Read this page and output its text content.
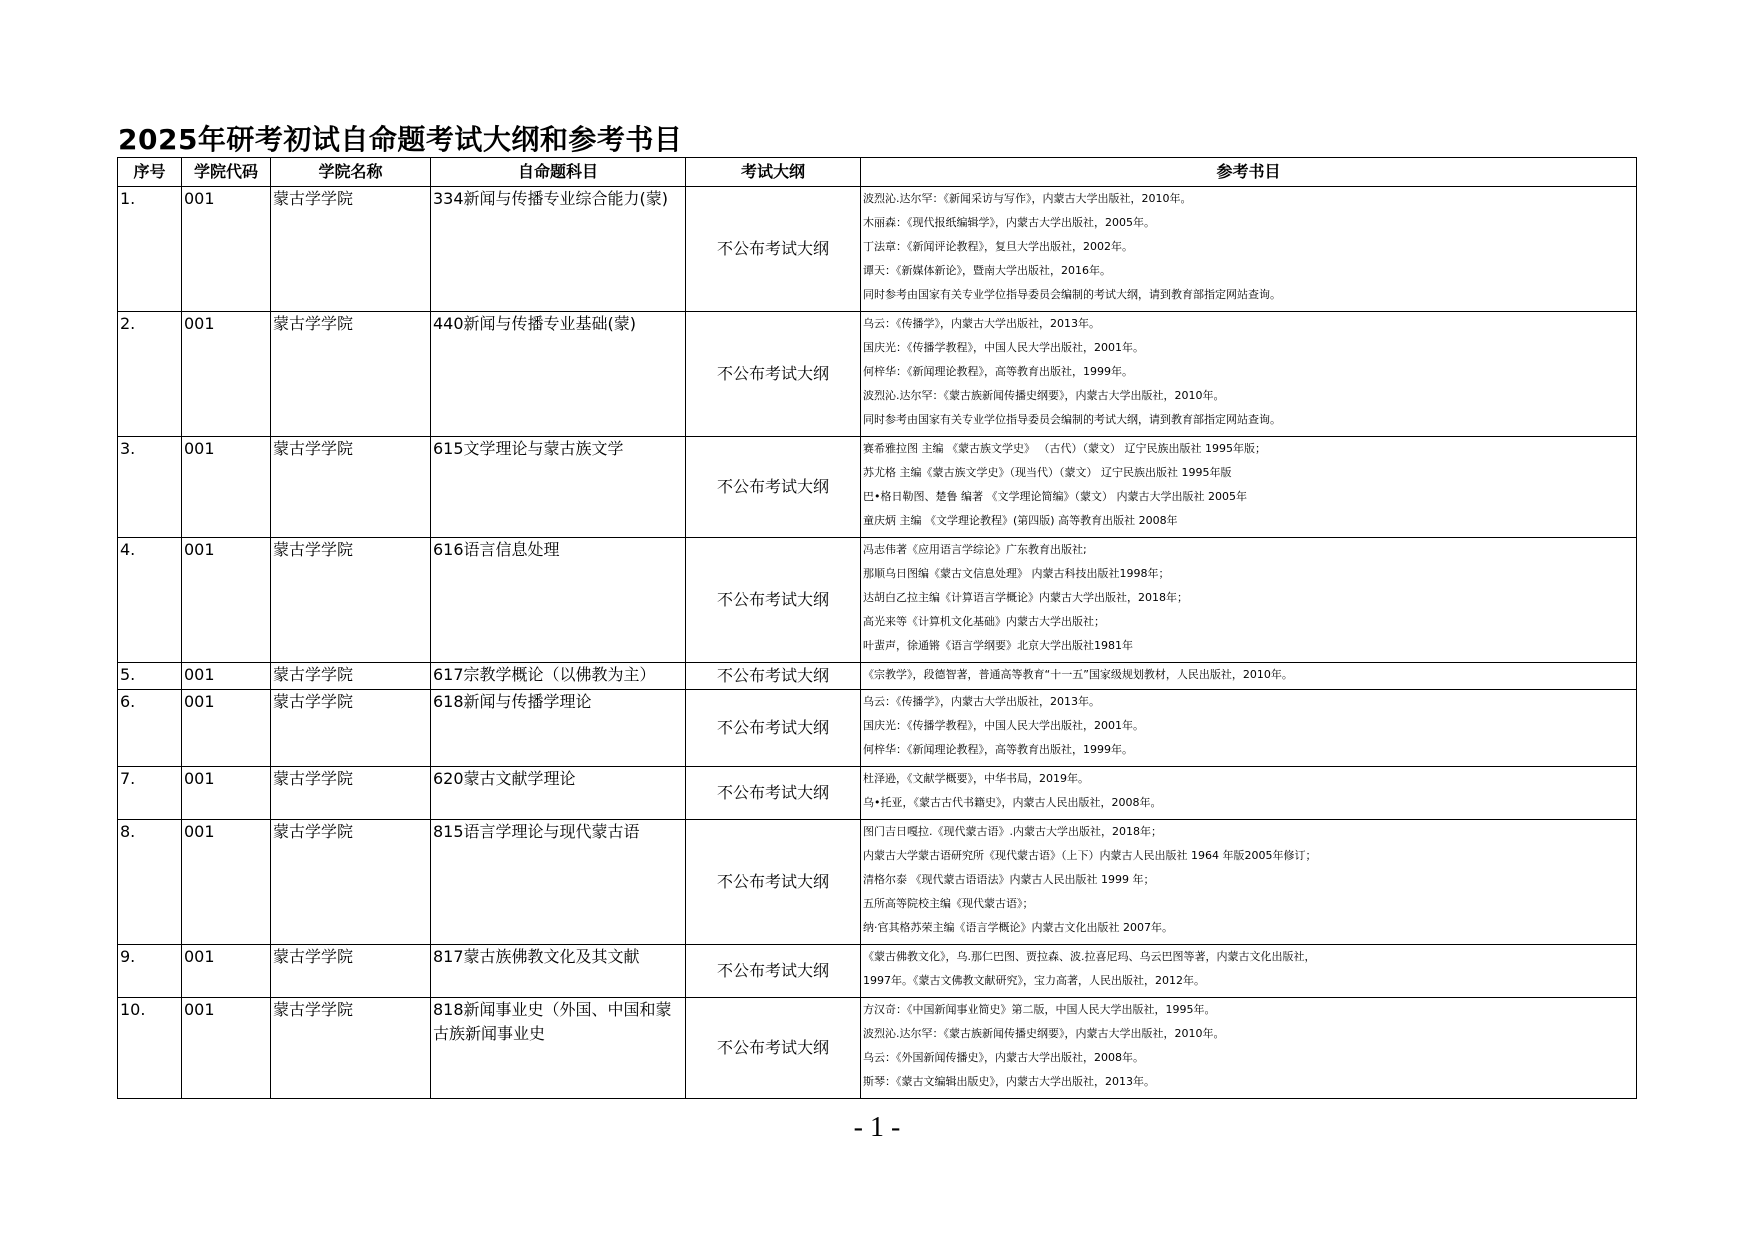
2025年研考初试自命题考试大纲和参考书目
序号	学院代码	学院名称	自命题科目	考试大纲	参考书目
1.	001	蒙古学学院	334新闻与传播专业综合能力(蒙)	不公布考试大纲	波烈沁.达尔罕：《新闻采访与写作》，内蒙古大学出版社，2010年。
木丽森：《现代报纸编辑学》，内蒙古大学出版社，2005年。
丁法章：《新闻评论教程》，复旦大学出版社，2002年。
谭天：《新媒体新论》，暨南大学出版社，2016年。
同时参考由国家有关专业学位指导委员会编制的考试大纲，请到教育部指定网站查询。

2.	001	蒙古学学院	440新闻与传播专业基础(蒙)	不公布考试大纲	乌云：《传播学》，内蒙古大学出版社，2013年。
国庆光：《传播学教程》，中国人民大学出版社，2001年。
何梓华：《新闻理论教程》，高等教育出版社，1999年。
波烈沁.达尔罕：《蒙古族新闻传播史纲要》，内蒙古大学出版社，2010年。
同时参考由国家有关专业学位指导委员会编制的考试大纲，请到教育部指定网站查询。

3.	001	蒙古学学院	615文学理论与蒙古族文学	不公布考试大纲	赛希雅拉图 主编 《蒙古族文学史》 （古代）（蒙文） 辽宁民族出版社 1995年版；
苏尤格 主编《蒙古族文学史》（现当代）（蒙文） 辽宁民族出版社 1995年版
巴•格日勒图、楚鲁 编著 《文学理论简编》（蒙文） 内蒙古大学出版社 2005年
童庆炳 主编 《文学理论教程》(第四版) 高等教育出版社 2008年

4.	001	蒙古学学院	616语言信息处理	不公布考试大纲	冯志伟著《应用语言学综论》广东教育出版社;
那顺乌日图编《蒙古文信息处理》 内蒙古科技出版社1998年；
达胡白乙拉主编《计算语言学概论》内蒙古大学出版社，2018年；
高光来等《计算机文化基础》内蒙古大学出版社；
叶蜚声，徐通锵《语言学纲要》北京大学出版社1981年

5.	001	蒙古学学院	617宗教学概论（以佛教为主）	不公布考试大纲	《宗教学》，段德智著，普通高等教育“十一五”国家级规划教材，人民出版社，2010年。

6.	001	蒙古学学院	618新闻与传播学理论	不公布考试大纲	乌云：《传播学》，内蒙古大学出版社，2013年。
国庆光：《传播学教程》，中国人民大学出版社，2001年。
何梓华：《新闻理论教程》，高等教育出版社，1999年。

7.	001	蒙古学学院	620蒙古文献学理论	不公布考试大纲	杜泽逊，《文献学概要》，中华书局，2019年。
乌•托亚，《蒙古古代书籍史》，内蒙古人民出版社，2008年。

8.	001	蒙古学学院	815语言学理论与现代蒙古语	不公布考试大纲	图门吉日嘎拉.《现代蒙古语》.内蒙古大学出版社，2018年；
内蒙古大学蒙古语研究所《现代蒙古语》（上下）内蒙古人民出版社 1964 年版2005年修订；
清格尔泰 《现代蒙古语语法》内蒙古人民出版社 1999 年；
五所高等院校主编《现代蒙古语》；
纳·官其格苏荣主编《语言学概论》内蒙古文化出版社 2007年。

9.	001	蒙古学学院	817蒙古族佛教文化及其文献	不公布考试大纲	《蒙古佛教文化》，乌.那仁巴图、贾拉森、波.拉喜尼玛、乌云巴图等著，内蒙古文化出版社，
1997年。《蒙古文佛教文献研究》，宝力高著，人民出版社，2012年。

10.	001	蒙古学学院	818新闻事业史（外国、中国和蒙古族新闻事业史	不公布考试大纲	方汉奇：《中国新闻事业简史》第二版，中国人民大学出版社，1995年。
波烈沁.达尔罕：《蒙古族新闻传播史纲要》，内蒙古大学出版社，2010年。
乌云：《外国新闻传播史》，内蒙古大学出版社，2008年。
斯琴：《蒙古文编辑出版史》，内蒙古大学出版社，2013年。
- 1 -
